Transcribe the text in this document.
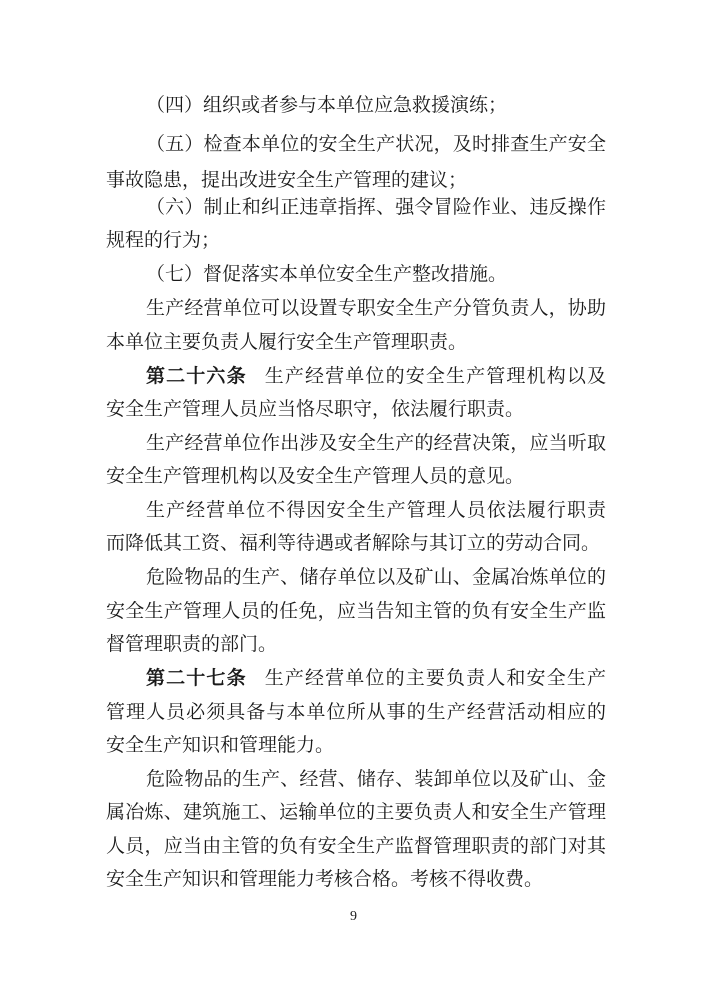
（四）组织或者参与本单位应急救援演练；
（五）检查本单位的安全生产状况，及时排查生产安全
事故隐患，提出改进安全生产管理的建议；
（六）制止和纠正违章指挥、强令冒险作业、违反操作
规程的行为；
（七）督促落实本单位安全生产整改措施。
生产经营单位可以设置专职安全生产分管负责人，协助
本单位主要负责人履行安全生产管理职责。
第二十六条 生产经营单位的安全生产管理机构以及
安全生产管理人员应当恪尽职守，依法履行职责。
生产经营单位作出涉及安全生产的经营决策，应当听取
安全生产管理机构以及安全生产管理人员的意见。
生产经营单位不得因安全生产管理人员依法履行职责
而降低其工资、福利等待遇或者解除与其订立的劳动合同。
危险物品的生产、储存单位以及矿山、金属冶炼单位的
安全生产管理人员的任免，应当告知主管的负有安全生产监
督管理职责的部门。
第二十七条 生产经营单位的主要负责人和安全生产
管理人员必须具备与本单位所从事的生产经营活动相应的
安全生产知识和管理能力。
危险物品的生产、经营、储存、装卸单位以及矿山、金
属冶炼、建筑施工、运输单位的主要负责人和安全生产管理
人员，应当由主管的负有安全生产监督管理职责的部门对其
安全生产知识和管理能力考核合格。考核不得收费。
9
